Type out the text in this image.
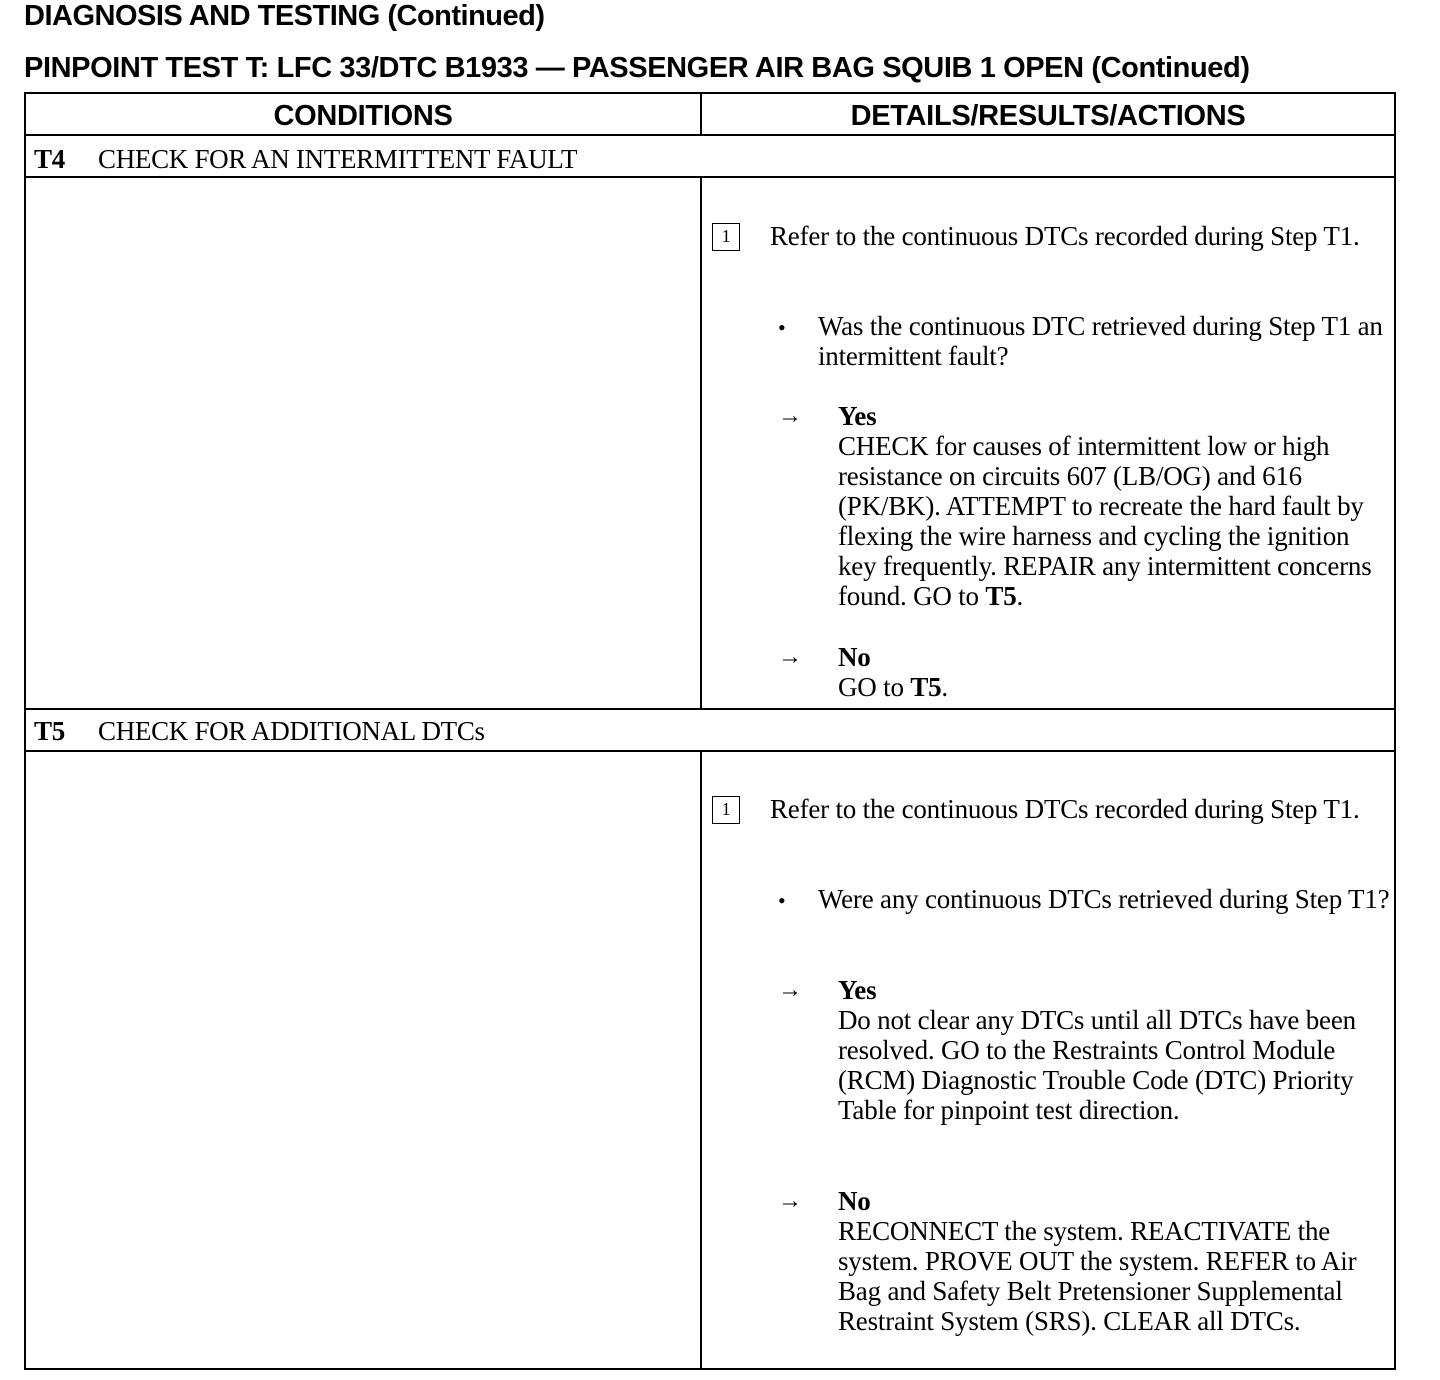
DIAGNOSIS AND TESTING (Continued)
PINPOINT TEST T: LFC 33/DTC B1933 — PASSENGER AIR BAG SQUIB 1 OPEN (Continued)
CONDITIONS	DETAILS/RESULTS/ACTIONS
T4 CHECK FOR AN INTERMITTENT FAULT
1	Refer to the continuous DTCs recorded during Step T1.
• Was the continuous DTC retrieved during Step T1 an intermittent fault?
→ Yes
CHECK for causes of intermittent low or high resistance on circuits 607 (LB/OG) and 616 (PK/BK). ATTEMPT to recreate the hard fault by flexing the wire harness and cycling the ignition key frequently. REPAIR any intermittent concerns found. GO to T5.
→ No
GO to T5.
T5 CHECK FOR ADDITIONAL DTCs
1	Refer to the continuous DTCs recorded during Step T1.
• Were any continuous DTCs retrieved during Step T1?
→ Yes
Do not clear any DTCs until all DTCs have been resolved. GO to the Restraints Control Module (RCM) Diagnostic Trouble Code (DTC) Priority Table for pinpoint test direction.
→ No
RECONNECT the system. REACTIVATE the system. PROVE OUT the system. REFER to Air Bag and Safety Belt Pretensioner Supplemental Restraint System (SRS). CLEAR all DTCs.
